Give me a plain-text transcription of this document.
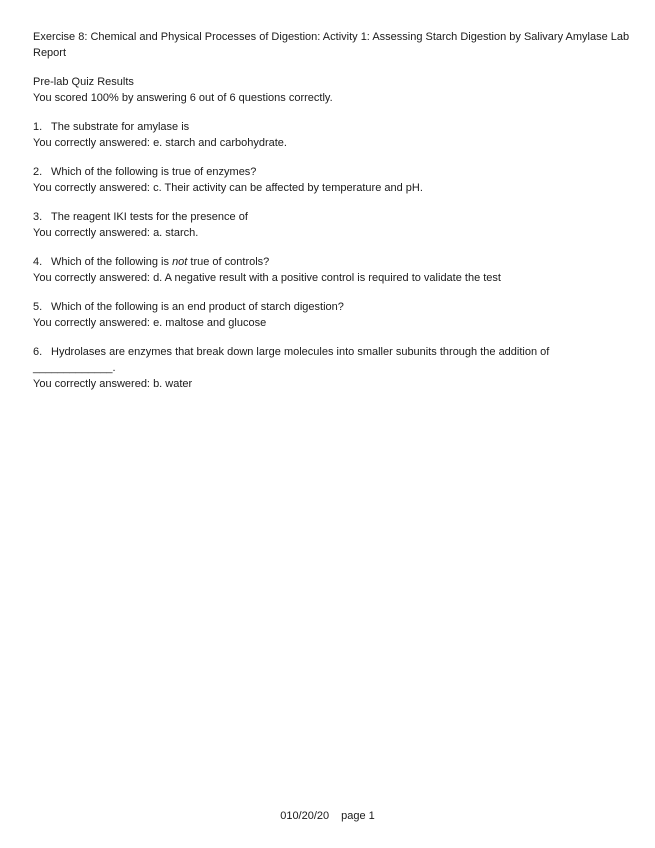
Exercise 8: Chemical and Physical Processes of Digestion: Activity 1: Assessing Starch Digestion by Salivary Amylase Lab Report
Pre-lab Quiz Results
You scored 100% by answering 6 out of 6 questions correctly.
1. The substrate for amylase is
You correctly answered: e. starch and carbohydrate.
2. Which of the following is true of enzymes?
You correctly answered: c. Their activity can be affected by temperature and pH.
3. The reagent IKI tests for the presence of
You correctly answered: a. starch.
4. Which of the following is not true of controls?
You correctly answered: d. A negative result with a positive control is required to validate the test
5. Which of the following is an end product of starch digestion?
You correctly answered: e. maltose and glucose
6. Hydrolases are enzymes that break down large molecules into smaller subunits through the addition of _____________.
You correctly answered: b. water
010/20/20 page 1
